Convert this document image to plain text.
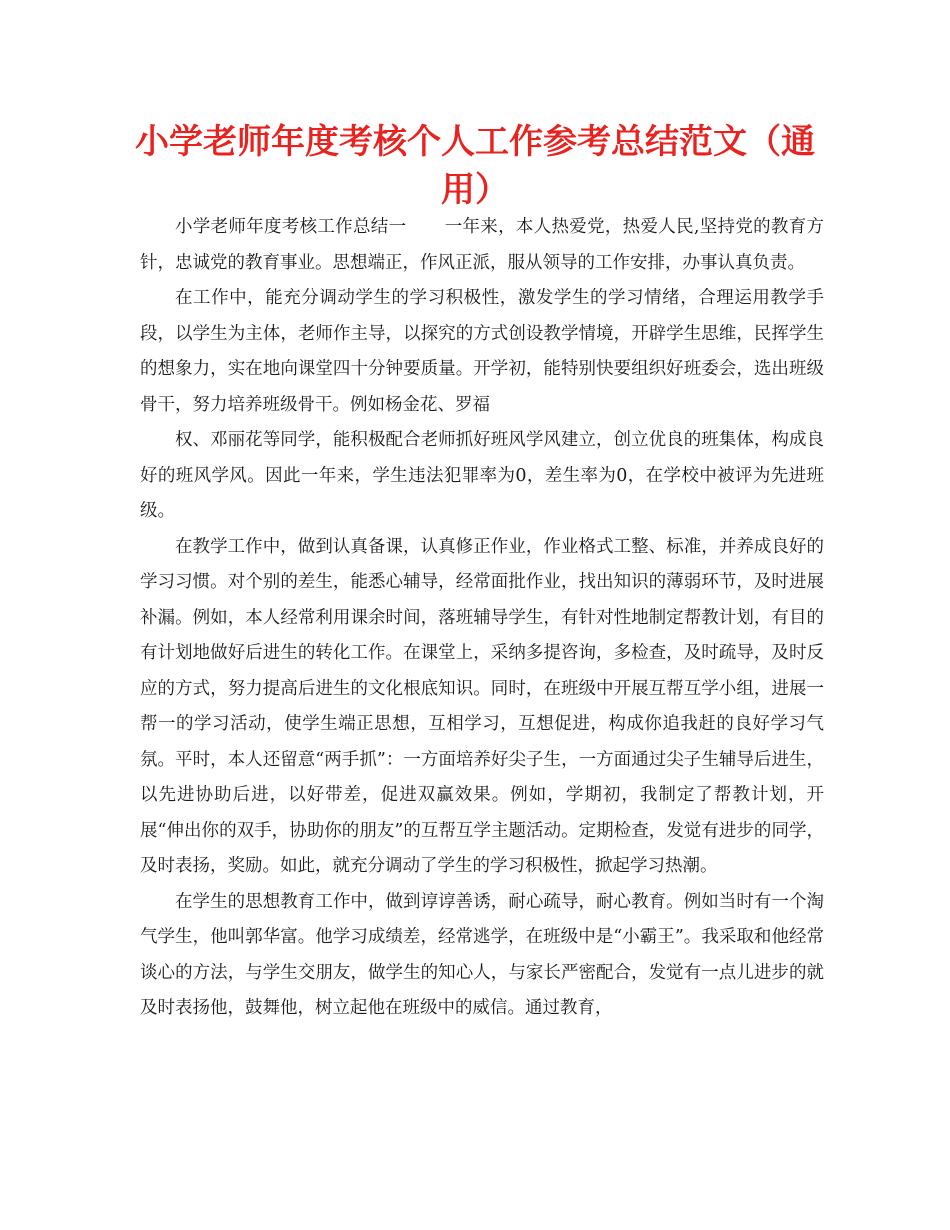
小学老师年度考核个人工作参考总结范文（通用）

小学老师年度考核工作总结一 一年来，本人热爱党，热爱人民,坚持党的教育方针，忠诚党的教育事业。思想端正，作风正派，服从领导的工作安排，办事认真负责。

在工作中，能充分调动学生的学习积极性，激发学生的学习情绪，合理运用教学手段，以学生为主体，老师作主导，以探究的方式创设教学情境，开辟学生思维，民挥学生的想象力，实在地向课堂四十分钟要质量。开学初，能特别快要组织好班委会，选出班级骨干，努力培养班级骨干。例如杨金花、罗福

权、邓丽花等同学，能积极配合老师抓好班风学风建立，创立优良的班集体，构成良好的班风学风。因此一年来，学生违法犯罪率为0，差生率为0，在学校中被评为先进班级。

在教学工作中，做到认真备课，认真修正作业，作业格式工整、标准，并养成良好的学习习惯。对个别的差生，能悉心辅导，经常面批作业，找出知识的薄弱环节，及时进展补漏。例如，本人经常利用课余时间，落班辅导学生，有针对性地制定帮教计划，有目的有计划地做好后进生的转化工作。在课堂上，采纳多提咨询，多检查，及时疏导，及时反应的方式，努力提高后进生的文化根底知识。同时，在班级中开展互帮互学小组，进展一帮一的学习活动，使学生端正思想，互相学习，互想促进，构成你追我赶的良好学习气氛。平时，本人还留意“两手抓”：一方面培养好尖子生，一方面通过尖子生辅导后进生，以先进协助后进，以好带差，促进双赢效果。例如，学期初，我制定了帮教计划，开展“伸出你的双手，协助你的朋友”的互帮互学主题活动。定期检查，发觉有进步的同学，及时表扬，奖励。如此，就充分调动了学生的学习积极性，掀起学习热潮。

在学生的思想教育工作中，做到谆谆善诱，耐心疏导，耐心教育。例如当时有一个淘气学生，他叫郭华富。他学习成绩差，经常逃学，在班级中是“小霸王”。我采取和他经常谈心的方法，与学生交朋友，做学生的知心人，与家长严密配合，发觉有一点儿进步的就及时表扬他，鼓舞他，树立起他在班级中的威信。通过教育，
